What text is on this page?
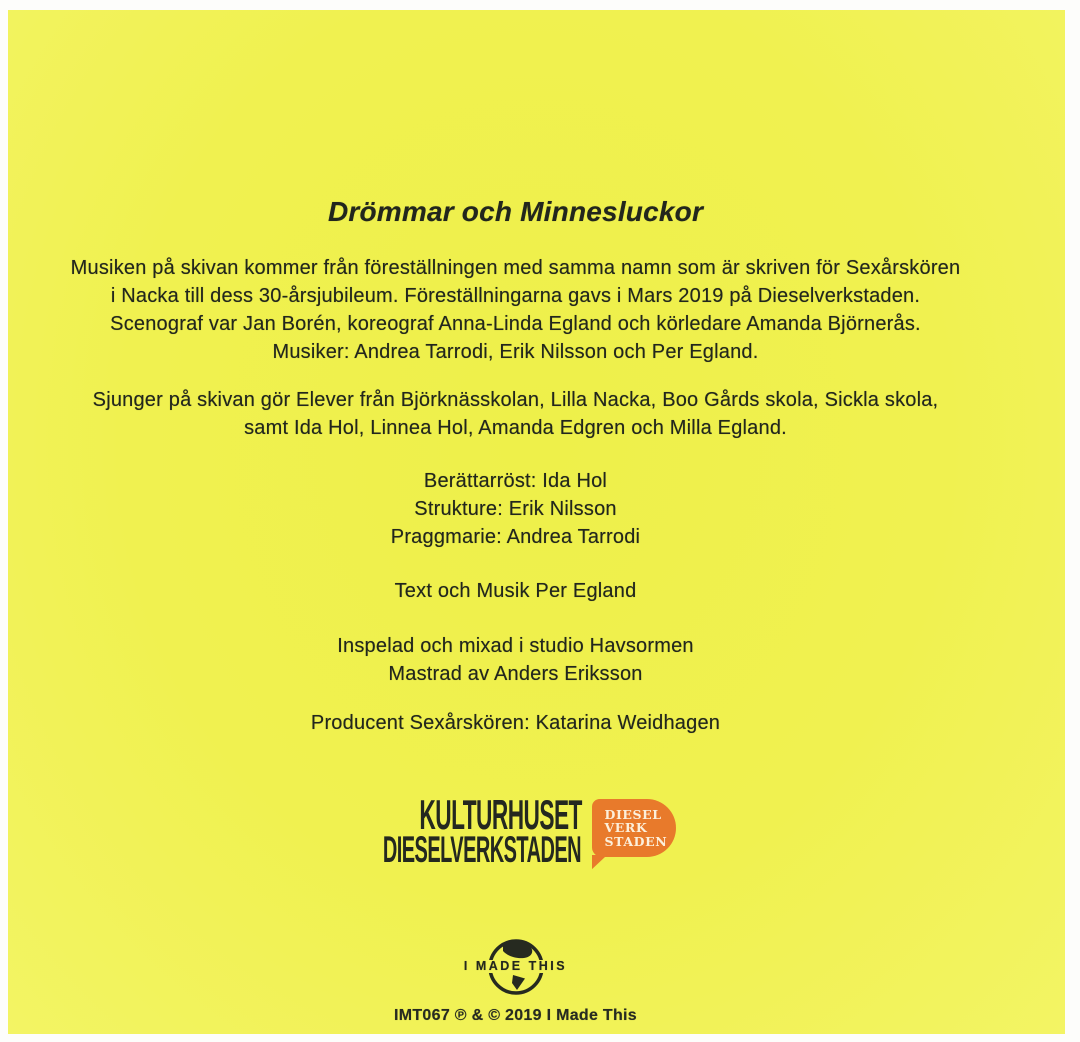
Drömmar och Minnesluckor
Musiken på skivan kommer från föreställningen med samma namn som är skriven för Sexårskören
i Nacka till dess 30-årsjubileum. Föreställningarna gavs i Mars 2019 på Dieselverkstaden.
Scenograf var Jan Borén, koreograf Anna-Linda Egland och körledare Amanda Björnerås.
Musiker: Andrea Tarrodi, Erik Nilsson och Per Egland.
Sjunger på skivan gör Elever från Björknässkolan, Lilla Nacka, Boo Gårds skola, Sickla skola,
samt Ida Hol, Linnea Hol, Amanda Edgren och Milla Egland.
Berättarröst: Ida Hol
Strukture: Erik Nilsson
Praggmarie: Andrea Tarrodi
Text och Musik Per Egland
Inspelad och mixad i studio Havsormen
Mastrad av Anders Eriksson
Producent Sexårskören: Katarina Weidhagen
KULTURHUSET
DIESELVERKSTADEN
DIESEL
VERK
STADEN
I MADE THIS
IMT067 ℗ & © 2019 I Made This
